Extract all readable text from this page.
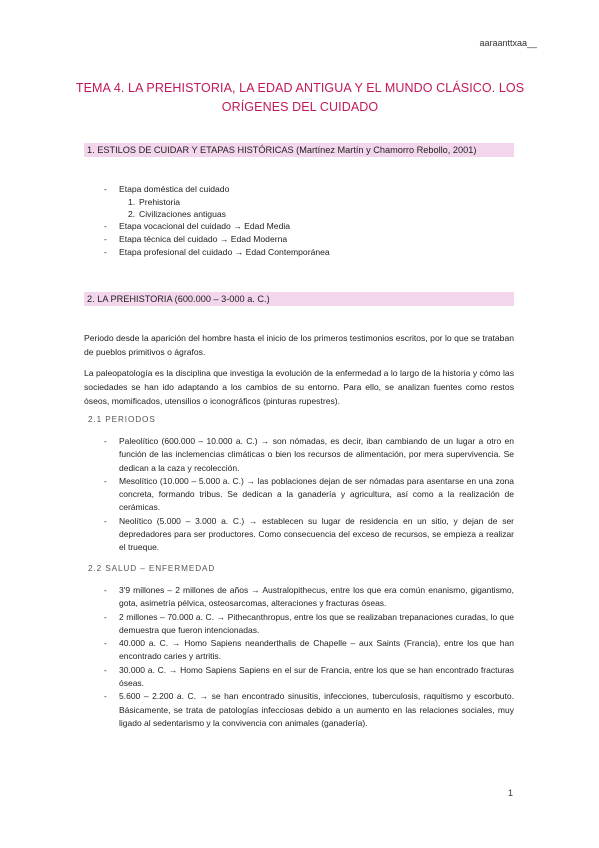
aaraanttxaa__
TEMA 4. LA PREHISTORIA, LA EDAD ANTIGUA Y EL MUNDO CLÁSICO. LOS ORÍGENES DEL CUIDADO
1. ESTILOS DE CUIDAR Y ETAPAS HISTÓRICAS (Martínez Martín y Chamorro Rebollo, 2001)
- Etapa doméstica del cuidado
1. Prehistoria
2. Civilizaciones antiguas
- Etapa vocacional del cuidado → Edad Media
- Etapa técnica del cuidado → Edad Moderna
- Etapa profesional del cuidado → Edad Contemporánea
2. LA PREHISTORIA (600.000 – 3-000 a. C.)
Periodo desde la aparición del hombre hasta el inicio de los primeros testimonios escritos, por lo que se trataban de pueblos primitivos o ágrafos.
La paleopatología es la disciplina que investiga la evolución de la enfermedad a lo largo de la historia y cómo las sociedades se han ido adaptando a los cambios de su entorno. Para ello, se analizan fuentes como restos óseos, momificados, utensilios o iconográficos (pinturas rupestres).
2.1 PERIODOS
- Paleolítico (600.000 – 10.000 a. C.) → son nómadas, es decir, iban cambiando de un lugar a otro en función de las inclemencias climáticas o bien los recursos de alimentación, por mera supervivencia. Se dedican a la caza y recolección.
- Mesolítico (10.000 – 5.000 a. C.) → las poblaciones dejan de ser nómadas para asentarse en una zona concreta, formando tribus. Se dedican a la ganadería y agricultura, así como a la realización de cerámicas.
- Neolítico (5.000 – 3.000 a. C.) → establecen su lugar de residencia en un sitio, y dejan de ser depredadores para ser productores. Como consecuencia del exceso de recursos, se empieza a realizar el trueque.
2.2 SALUD – ENFERMEDAD
- 3'9 millones – 2 millones de años → Australopithecus, entre los que era común enanismo, gigantismo, gota, asimetría pélvica, osteosarcomas, alteraciones y fracturas óseas.
- 2 millones – 70.000 a. C. → Pithecanthropus, entre los que se realizaban trepanaciones curadas, lo que demuestra que fueron intencionadas.
- 40.000 a. C. → Homo Sapiens neanderthalis de Chapelle – aux Saints (Francia), entre los que han encontrado caries y artritis.
- 30.000 a. C. → Homo Sapiens Sapiens en el sur de Francia, entre los que se han encontrado fracturas óseas.
- 5.600 – 2.200 a. C. → se han encontrado sinusitis, infecciones, tuberculosis, raquitismo y escorbuto. Básicamente, se trata de patologías infecciosas debido a un aumento en las relaciones sociales, muy ligado al sedentarismo y la convivencia con animales (ganadería).
1
